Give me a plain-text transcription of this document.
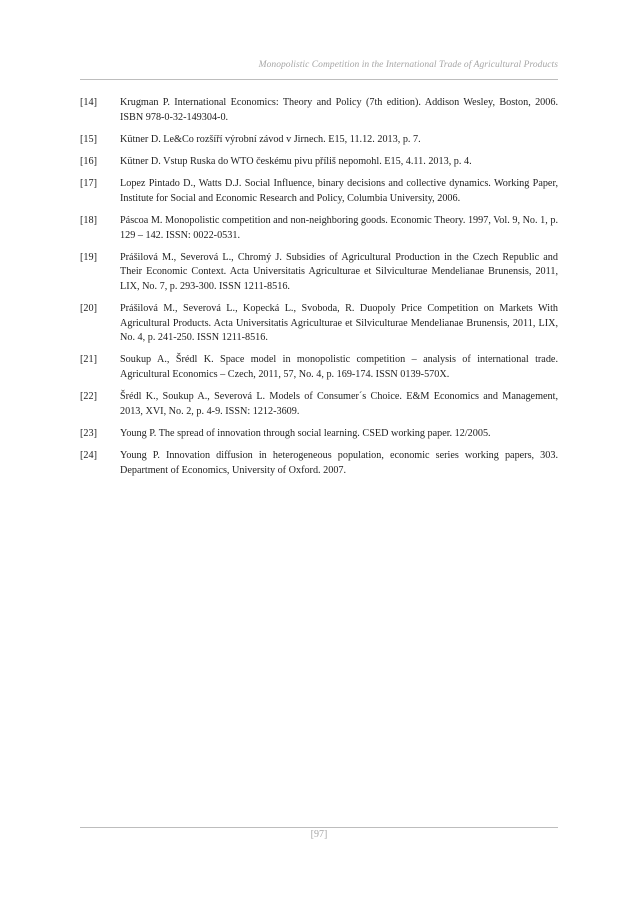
Monopolistic Competition in the International Trade of Agricultural Products
[14]	Krugman P. International Economics: Theory and Policy (7th edition). Addison Wesley, Boston, 2006. ISBN 978-0-32-149304-0.
[15]	Kütner D. Le&Co rozšíří výrobní závod v Jirnech. E15, 11.12. 2013, p. 7.
[16]	Kütner D. Vstup Ruska do WTO českému pivu příliš nepomohl. E15, 4.11. 2013, p. 4.
[17]	Lopez Pintado D., Watts D.J. Social Influence, binary decisions and collective dynamics. Working Paper, Institute for Social and Economic Research and Policy, Columbia University, 2006.
[18]	Páscoa M. Monopolistic competition and non-neighboring goods. Economic Theory. 1997, Vol. 9, No. 1, p. 129 – 142. ISSN: 0022-0531.
[19]	Prášilová M., Severová L., Chromý J. Subsidies of Agricultural Production in the Czech Republic and Their Economic Context. Acta Universitatis Agriculturae et Silviculturae Mendelianae Brunensis, 2011, LIX, No. 7, p. 293-300. ISSN 1211-8516.
[20]	Prášilová M., Severová L., Kopecká L., Svoboda, R. Duopoly Price Competition on Markets With Agricultural Products. Acta Universitatis Agriculturae et Silviculturae Mendelianae Brunensis, 2011, LIX, No. 4, p. 241-250. ISSN 1211-8516.
[21]	Soukup A., Šrédl K. Space model in monopolistic competition – analysis of international trade. Agricultural Economics – Czech, 2011, 57, No. 4, p. 169-174. ISSN 0139-570X.
[22]	Šrédl K., Soukup A., Severová L. Models of Consumer´s Choice. E&M Economics and Management, 2013, XVI, No. 2, p. 4-9. ISSN: 1212-3609.
[23]	Young P. The spread of innovation through social learning. CSED working paper. 12/2005.
[24]	Young P. Innovation diffusion in heterogeneous population, economic series working papers, 303. Department of Economics, University of Oxford. 2007.
[97]
